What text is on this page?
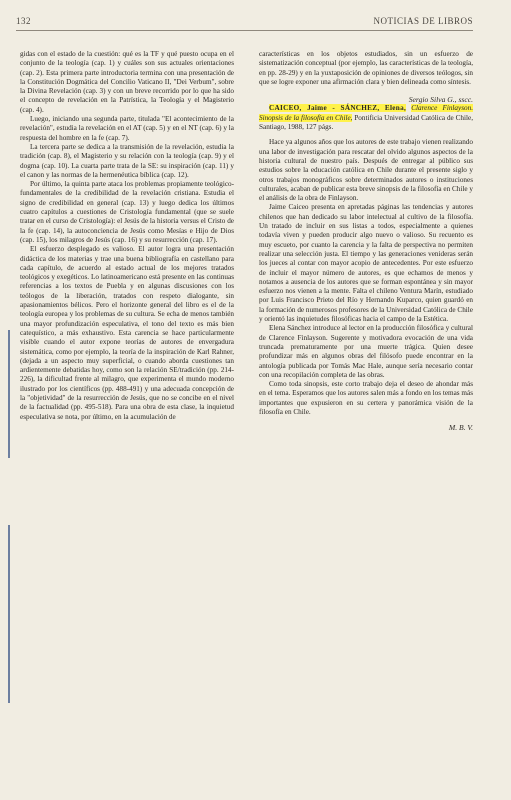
132	NOTICIAS DE LIBROS

gidas con el estado de la cuestión: qué es la TF y qué puesto ocupa en el conjunto de la teología (cap. 1) y cuáles son sus actuales orientaciones (cap. 2). Esta primera parte introductoria termina con una presentación de la Constitución Dogmática del Concilio Vaticano II, "Dei Verbum", sobre la Divina Revelación (cap. 3) y con un breve recorrido por lo que ha sido el concepto de revelación en la Patrística, la Teología y el Magisterio (cap. 4).

Luego, iniciando una segunda parte, titulada "El acontecimiento de la revelación", estudia la revelación en el AT (cap. 5) y en el NT (cap. 6) y la respuesta del hombre en la fe (cap. 7).

La tercera parte se dedica a la transmisión de la revelación, estudia la tradición (cap. 8), el Magisterio y su relación con la teología (cap. 9) y el dogma (cap. 10). La cuarta parte trata de la SE: su inspiración (cap. 11) y el canon y las normas de la hermenéutica bíblica (cap. 12).

Por último, la quinta parte ataca los problemas propiamente teológico-fundamentales de la credibilidad de la revelación cristiana. Estudia el signo de credibilidad en general (cap. 13) y luego dedica los últimos cuatro capítulos a cuestiones de Cristología fundamental (que se suele tratar en el curso de Cristología): el Jesús de la historia versus el Cristo de la fe (cap. 14), la autoconciencia de Jesús como Mesías e Hijo de Dios (cap. 15), los milagros de Jesús (cap. 16) y su resurrección (cap. 17).

El esfuerzo desplegado es valioso. El autor logra una presentación didáctica de los materias y trae una buena bibliografía en castellano para cada capítulo, de acuerdo al estado actual de los mejores tratados teológicos y exegéticos. Lo latinoamericano está presente en las continuas referencias a los textos de Puebla y en algunas discusiones con los teólogos de la liberación, tratados con respeto dialogante, sin apasionamientos bélicos. Pero el horizonte general del libro es el de la teología europea y los problemas de su cultura. Se echa de menos también una mayor profundización especulativa, el tono del texto es más bien catequístico, a más exhaustivo. Esta carencia se hace particularmente visible cuando el autor expone teorías de autores de envergadura sistemática, como por ejemplo, la teoría de la inspiración de Karl Rahner, (dejada a un aspecto muy superficial, o cuando aborda cuestiones tan ardientemente debatidas hoy, como son la relación SE/tradición (pp. 214-226), la dificultad frente al milagro, que experimenta el mundo moderno ilustrado por los científicos (pp. 488-491) y una adecuada concepción de la "objetividad" de la resurrección de Jesús, que no se concibe en el nivel de la factualidad (pp. 495-518). Para una obra de esta clase, la inquietud especulativa se nota, por último, en la acumulación de

características en los objetos estudiados, sin un esfuerzo de sistematización conceptual (por ejemplo, las características de la teología, en pp. 28-29) y en la yuxtaposición de opiniones de diversos teólogos, sin que se logre exponer una afirmación clara y bien delineada como síntesis.

Sergio Silva G., sscc.

CAICEO, Jaime - SÁNCHEZ, Elena, Clarence Finlayson. Sinopsis de la filosofía en Chile, Pontificia Universidad Católica de Chile, Santiago, 1988, 127 págs.

Hace ya algunos años que los autores de este trabajo vienen realizando una labor de investigación para rescatar del olvido algunos aspectos de la historia cultural de nuestro país. Después de entregar al público sus estudios sobre la educación católica en Chile durante el presente siglo y otros trabajos monográficos sobre determinados autores o instituciones culturales, acaban de publicar esta breve sinopsis de la filosofía en Chile y el análisis de la obra de Finlayson.

Jaime Caiceo presenta en apretadas páginas las tendencias y autores chilenos que han dedicado su labor intelectual al cultivo de la filosofía. Un tratado de incluir en sus listas a todos, especialmente a quienes todavía viven y pueden producir algo nuevo o valioso. Su recuento es muy escueto, por cuanto la carencia y la falta de perspectiva no permiten realizar una selección justa. El tiempo y las generaciones venideras serán los jueces al contar con mayor acopio de antecedentes. Por este esfuerzo de incluir el mayor número de autores, es que echamos de menos y notamos a ausencia de los autores que se forman espontánea y sin mayor esfuerzo nos vienen a la mente. Falta el chileno Ventura Marín, estudiado por Luis Francisco Prieto del Río y Hernando Kuparco, quien guardó en la formación de numerosos profesores de la Universidad Católica de Chile y orientó las inquietudes filosóficas hacia el campo de la Estética.

Elena Sánchez introduce al lector en la producción filosófica y cultural de Clarence Finlayson. Sugerente y motivadora evocación de una vida truncada prematuramente por una muerte trágica. Quien desee profundizar más en algunos obras del filósofo puede encontrar en la antología publicada por Tomás Mac Hale, aunque sería necesario contar con una recopilación completa de las obras.

Como toda sinopsis, este corto trabajo deja el deseo de ahondar más en el tema. Esperamos que los autores salen más a fondo en los temas más importantes que expusieron en su certera y panorámica visión de la filosofía en Chile.

M. B. V.
